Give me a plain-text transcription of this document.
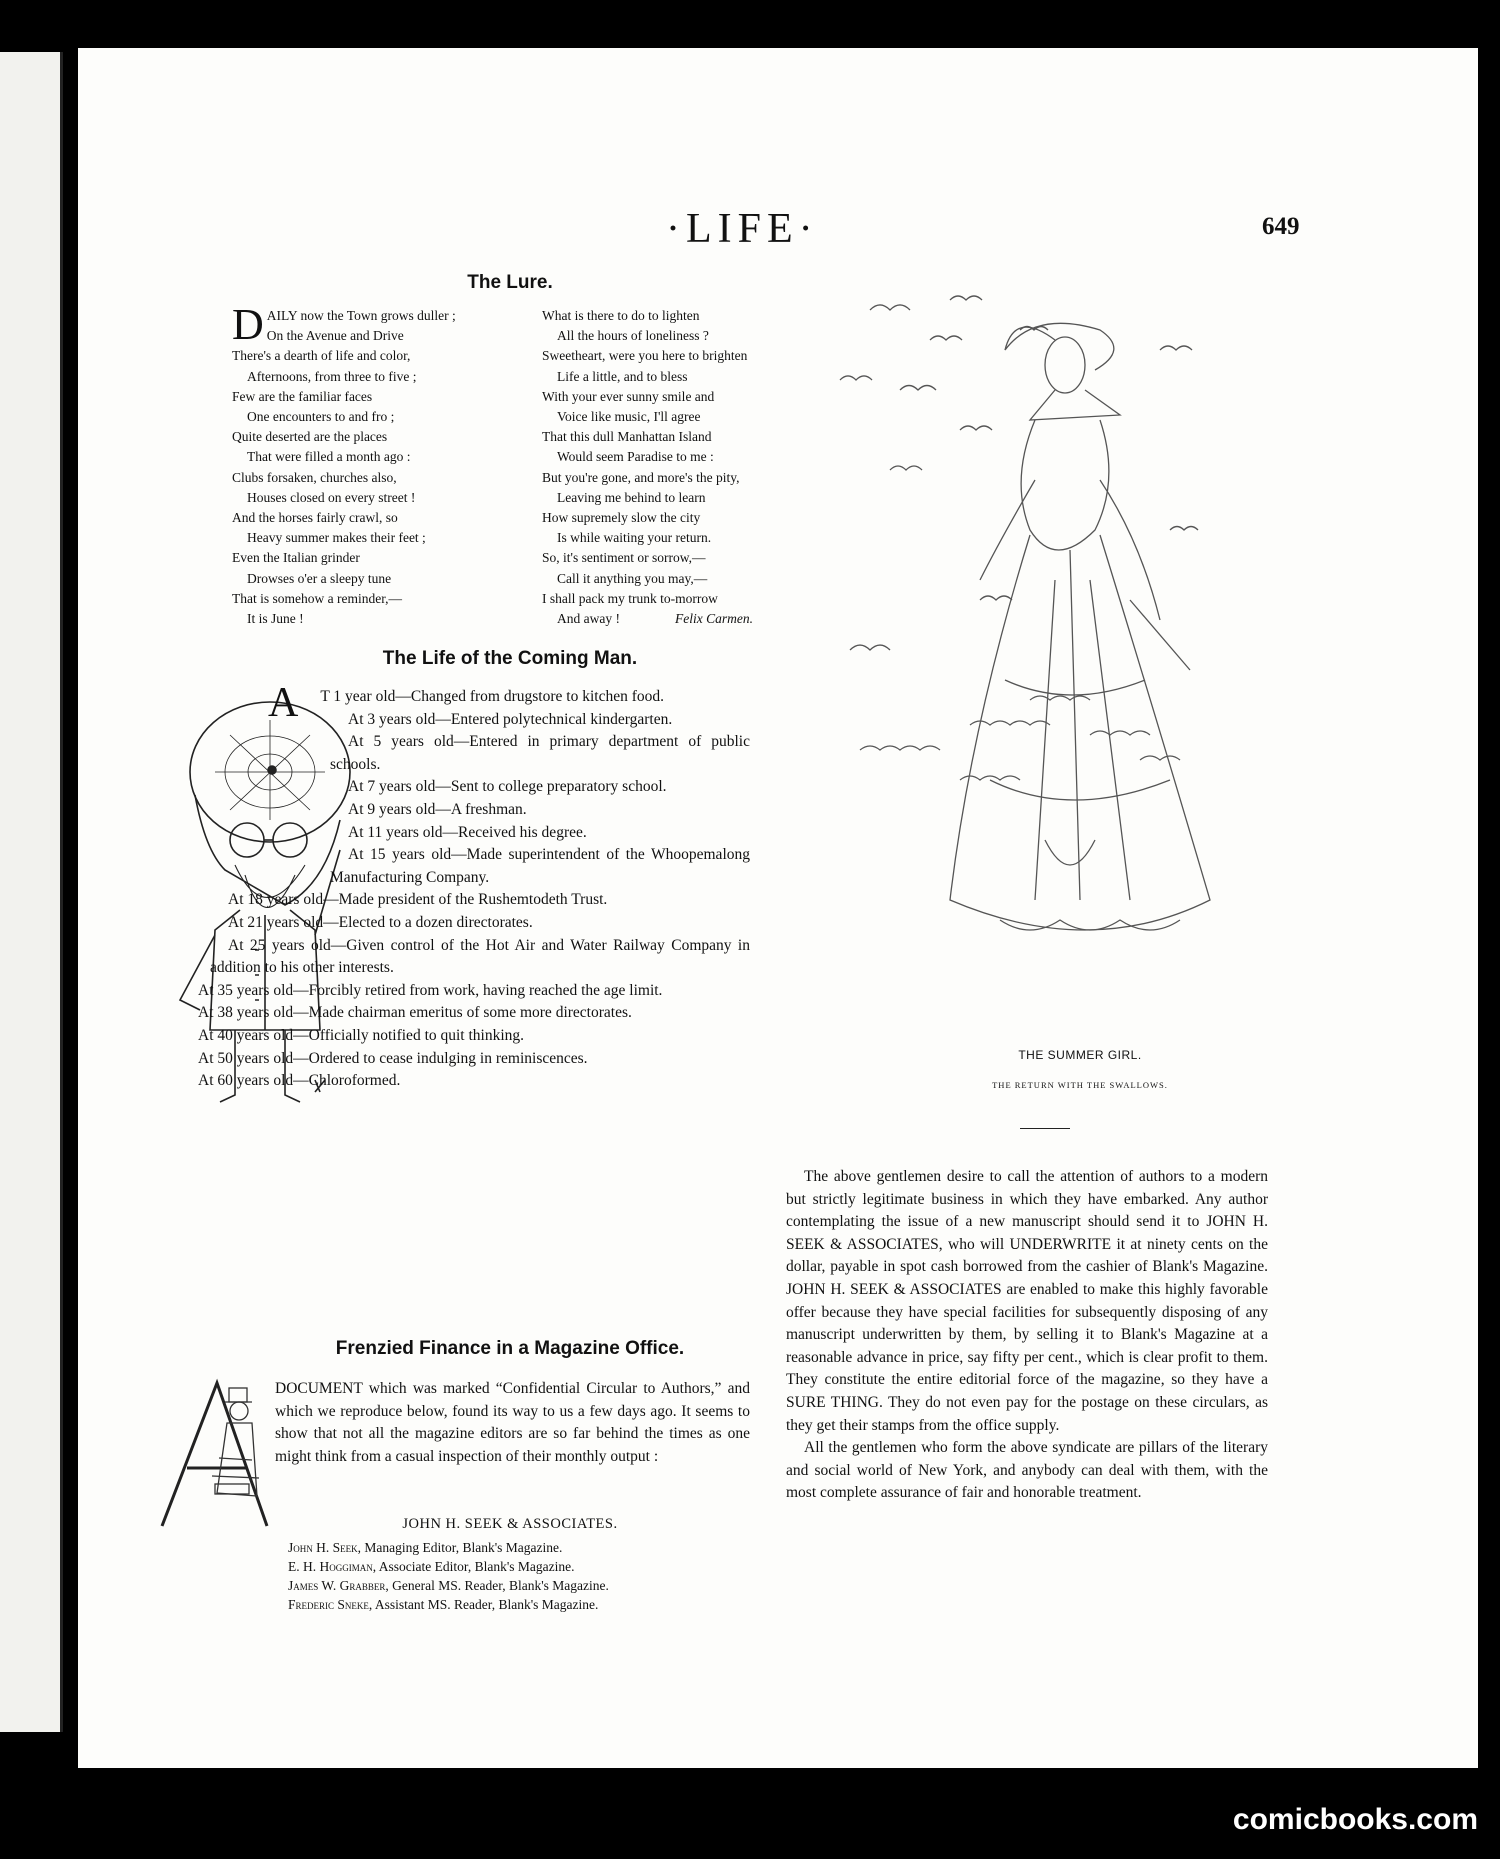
·LIFE·	649
The Lure.
DAILY now the Town grows duller ;
On the Avenue and Drive
There's a dearth of life and color,
Afternoons, from three to five ;
Few are the familiar faces
One encounters to and fro ;
Quite deserted are the places
That were filled a month ago :
Clubs forsaken, churches also,
Houses closed on every street !
And the horses fairly crawl, so
Heavy summer makes their feet ;
Even the Italian grinder
Drowses o'er a sleepy tune
That is somehow a reminder,—
It is June !
What is there to do to lighten
All the hours of loneliness ?
Sweetheart, were you here to brighten
Life a little, and to bless
With your ever sunny smile and
Voice like music, I'll agree
That this dull Manhattan Island
Would seem Paradise to me :
But you're gone, and more's the pity,
Leaving me behind to learn
How supremely slow the city
Is while waiting your return.
So, it's sentiment or sorrow,—
Call it anything you may,—
I shall pack my trunk to-morrow
And away !	Felix Carmen.
The Life of the Coming Man.

A T 1 year old—Changed from drugstore to kitchen food.

At 3 years old—Entered polytechnical kindergarten.

At 5 years old—Entered in primary department of public schools.

At 7 years old—Sent to college preparatory school.

At 9 years old—A freshman.

At 11 years old—Received his degree.

At 15 years old—Made superintendent of the Whoopemalong Manufacturing Company.

At 18 years old—Made president of the Rushemtodeth Trust.

At 21 years old—Elected to a dozen directorates.

At 25 years old—Given control of the Hot Air and Water Railway Company in addition to his other interests.

At 35 years old—Forcibly retired from work, having reached the age limit.

At 38 years old—Made chairman emeritus of some more directorates.

At 40 years old—Officially notified to quit thinking.

At 50 years old—Ordered to cease indulging in reminiscences.

At 60 years old—Chloroformed.

Frenzied Finance in a Magazine Office.
DOCUMENT which was marked “Confidential Circular to Authors,” and which we reproduce below, found its way to us a few days ago. It seems to show that not all the magazine editors are so far behind the times as one might think from a casual inspection of their monthly output :
JOHN H. SEEK & ASSOCIATES.
John H. Seek, Managing Editor, Blank's Magazine.
E. H. Hoggiman, Associate Editor, Blank's Magazine.
James W. Grabber, General MS. Reader, Blank's Magazine.
Frederic Sneke, Assistant MS. Reader, Blank's Magazine.
THE SUMMER GIRL.
THE RETURN WITH THE SWALLOWS.

The above gentlemen desire to call the attention of authors to a modern but strictly legitimate business in which they have embarked. Any author contemplating the issue of a new manuscript should send it to JOHN H. SEEK & ASSOCIATES, who will UNDERWRITE it at ninety cents on the dollar, payable in spot cash borrowed from the cashier of Blank's Magazine. JOHN H. SEEK & ASSOCIATES are enabled to make this highly favorable offer because they have special facilities for subsequently disposing of any manuscript underwritten by them, by selling it to Blank's Magazine at a reasonable advance in price, say fifty per cent., which is clear profit to them. They constitute the entire editorial force of the magazine, so they have a SURE THING. They do not even pay for the postage on these circulars, as they get their stamps from the office supply.

All the gentlemen who form the above syndicate are pillars of the literary and social world of New York, and anybody can deal with them, with the most complete assurance of fair and honorable treatment.

comicbooks.com
